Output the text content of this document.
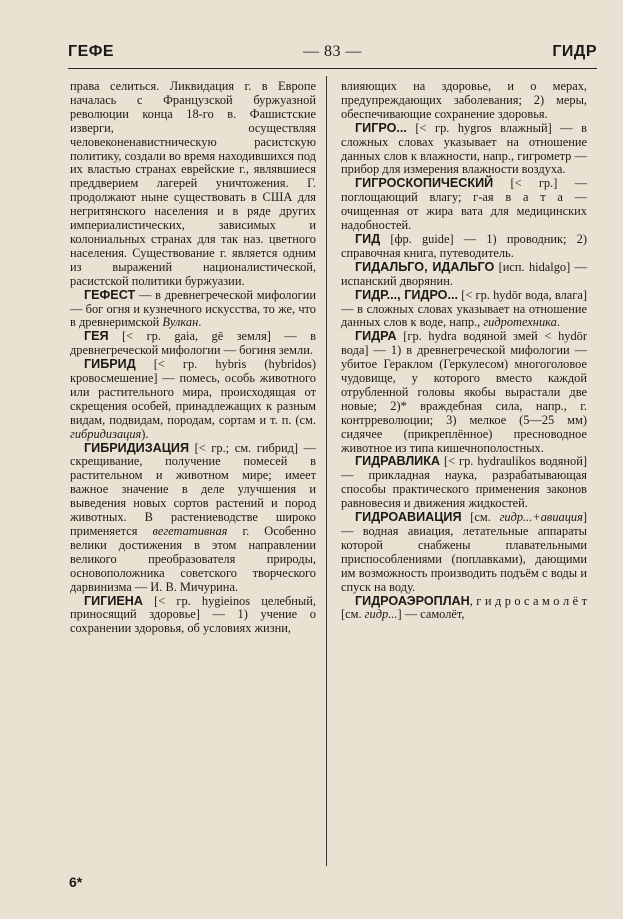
ГЕФЕ	— 83 —	ГИДР

права селиться. Ликвидация г. в Европе началась с Французской буржуазной революции конца 18-го в. Фашистские изверги, осуществляя человеконенавистническую расистскую политику, создали во время находившихся под их властью странах еврейские г., являвшиеся преддверием лагерей уничтожения. Г. продолжают ныне существовать в США для негритянского населения и в ряде других империалистических, зависимых и колониальных странах для так наз. цветного населения. Существование г. является одним из выражений националистической, расистской политики буржуазии.

ГЕФЕСТ — в древнегреческой мифологии — бог огня и кузнечного искусства, то же, что в древнеримской Вулкан.

ГЕЯ [< гр. gaia, gē земля] — в древнегреческой мифологии — богиня земли.

ГИБРИД [< гр. hybris (hybridos) кровосмешение] — помесь, особь животного или растительного мира, происходящая от скрещения особей, принадлежащих к разным видам, подвидам, породам, сортам и т. п. (см. гибридизация).

ГИБРИДИЗАЦИЯ [< гр.; см. гибрид] — скрещивание, получение помесей в растительном и животном мире; имеет важное значение в деле улучшения и выведения новых сортов растений и пород животных. В растениеводстве широко применяется вегетативная г. Особенно велики достижения в этом направлении великого преобразователя природы, основоположника советского творческого дарвинизма — И. В. Мичурина.

ГИГИЕНА [< гр. hygieinos целебный, приносящий здоровье] — 1) учение о сохранении здоровья, об условиях жизни,

влияющих на здоровье, и о мерах, предупреждающих заболевания; 2) меры, обеспечивающие сохранение здоровья.

ГИГРО... [< гр. hygros влажный] — в сложных словах указывает на отношение данных слов к влажности, напр., гигрометр — прибор для измерения влажности воздуха.

ГИГРОСКОПИЧЕСКИЙ [< гр.] — поглощающий влагу; г-ая в а т а — очищенная от жира вата для медицинских надобностей.

ГИД [фр. guide] — 1) проводник; 2) справочная книга, путеводитель.

ГИДАЛЬГО, ИДАЛЬГО [исп. hidalgo] — испанский дворянин.

ГИДР..., ГИДРО... [< гр. hydōr вода, влага] — в сложных словах указывает на отношение данных слов к воде, напр., гидротехника.

ГИДРА [гр. hydra водяной змей < hydōr вода] — 1) в древнегреческой мифологии — убитое Гераклом (Геркулесом) многоголовое чудовище, у которого вместо каждой отрубленной головы якобы вырастали две новые; 2)* враждебная сила, напр., г. контрреволюции; 3) мелкое (5—25 мм) сидячее (прикреплённое) пресноводное животное из типа кишечнополостных.

ГИДРАВЛИКА [< гр. hydraulikos водяной] — прикладная наука, разрабатывающая способы практического применения законов равновесия и движения жидкостей.

ГИДРОАВИАЦИЯ [см. гидр...+авиация] — водная авиация, летательные аппараты которой снабжены плавательными приспособлениями (поплавками), дающими им возможность производить подъём с воды и спуск на воду.

ГИДРОАЭРОПЛАН, г и д р о с а м о л ё т [см. гидр...] — самолёт,

6*
